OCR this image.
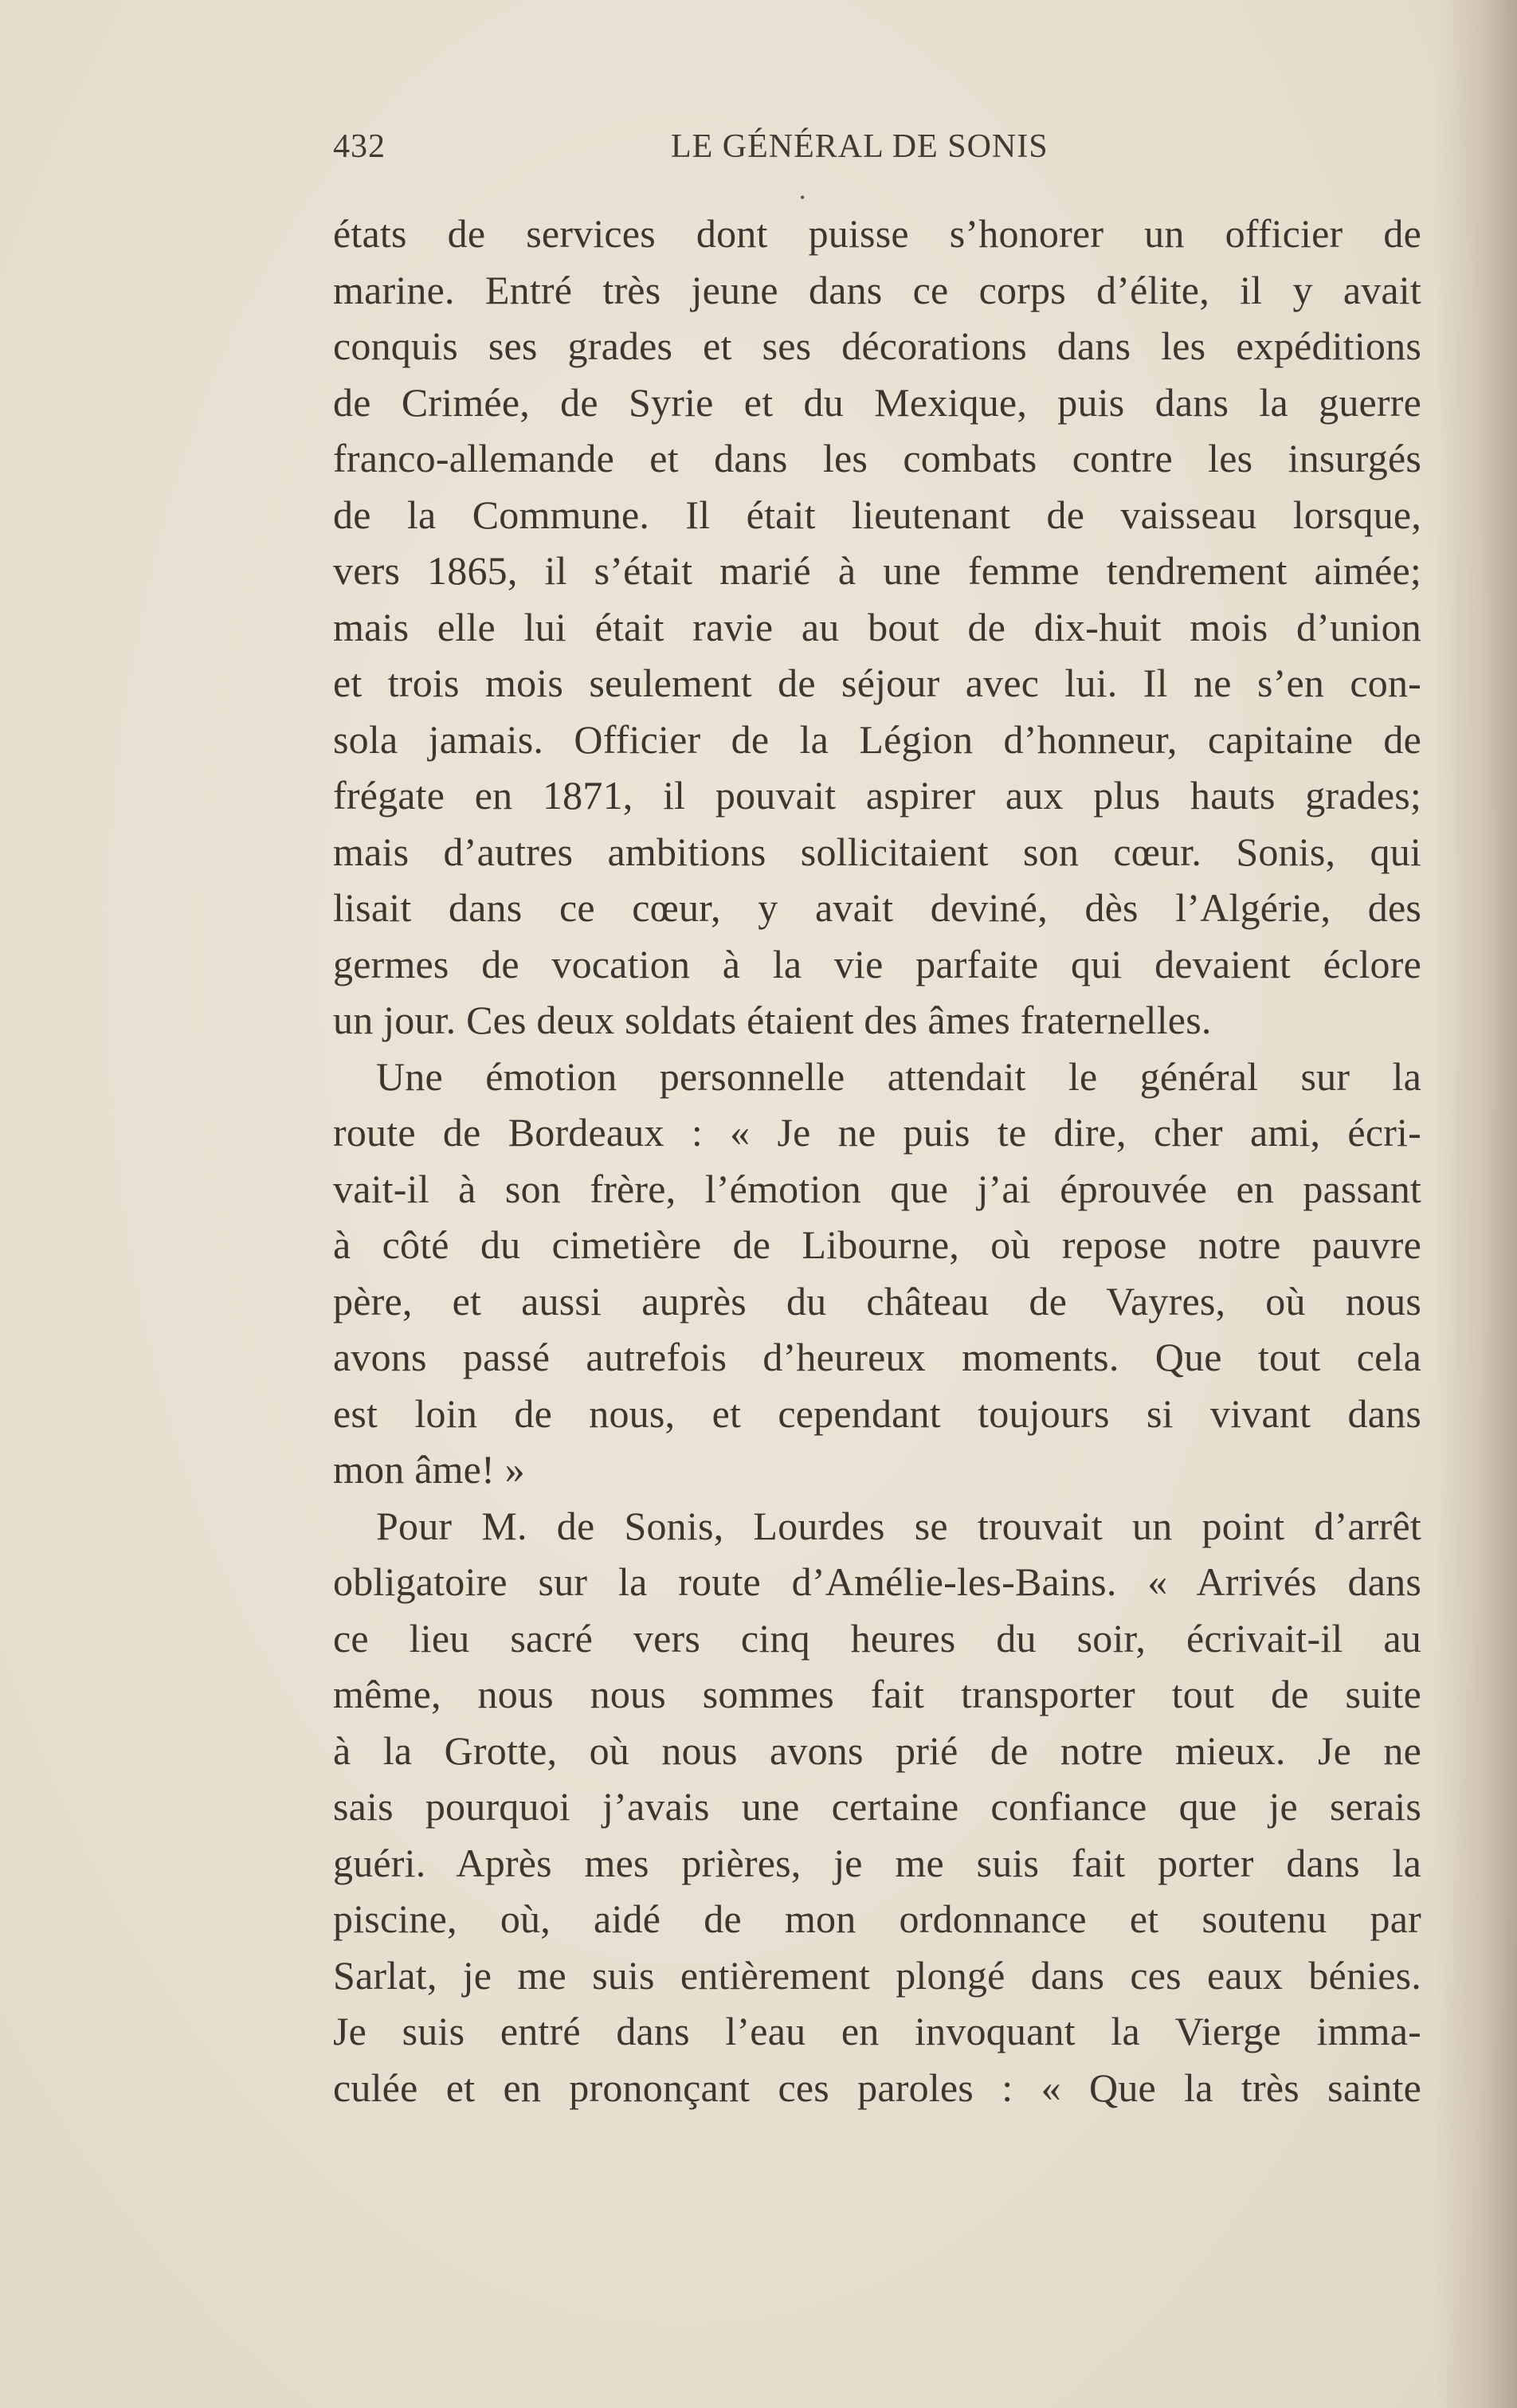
432	LE GÉNÉRAL DE SONIS
•
états de services dont puisse s’honorer un officier de
marine. Entré très jeune dans ce corps d’élite, il y avait
conquis ses grades et ses décorations dans les expéditions
de Crimée, de Syrie et du Mexique, puis dans la guerre
franco-allemande et dans les combats contre les insurgés
de la Commune. Il était lieutenant de vaisseau lorsque,
vers 1865, il s’était marié à une femme tendrement aimée;
mais elle lui était ravie au bout de dix-huit mois d’union
et trois mois seulement de séjour avec lui. Il ne s’en con-
sola jamais. Officier de la Légion d’honneur, capitaine de
frégate en 1871, il pouvait aspirer aux plus hauts grades;
mais d’autres ambitions sollicitaient son cœur. Sonis, qui
lisait dans ce cœur, y avait deviné, dès l’Algérie, des
germes de vocation à la vie parfaite qui devaient éclore
un jour. Ces deux soldats étaient des âmes fraternelles.
Une émotion personnelle attendait le général sur la
route de Bordeaux : « Je ne puis te dire, cher ami, écri-
vait-il à son frère, l’émotion que j’ai éprouvée en passant
à côté du cimetière de Libourne, où repose notre pauvre
père, et aussi auprès du château de Vayres, où nous
avons passé autrefois d’heureux moments. Que tout cela
est loin de nous, et cependant toujours si vivant dans
mon âme! »
Pour M. de Sonis, Lourdes se trouvait un point d’arrêt
obligatoire sur la route d’Amélie-les-Bains. « Arrivés dans
ce lieu sacré vers cinq heures du soir, écrivait-il au
même, nous nous sommes fait transporter tout de suite
à la Grotte, où nous avons prié de notre mieux. Je ne
sais pourquoi j’avais une certaine confiance que je serais
guéri. Après mes prières, je me suis fait porter dans la
piscine, où, aidé de mon ordonnance et soutenu par
Sarlat, je me suis entièrement plongé dans ces eaux bénies.
Je suis entré dans l’eau en invoquant la Vierge imma-
culée et en prononçant ces paroles : « Que la très sainte
